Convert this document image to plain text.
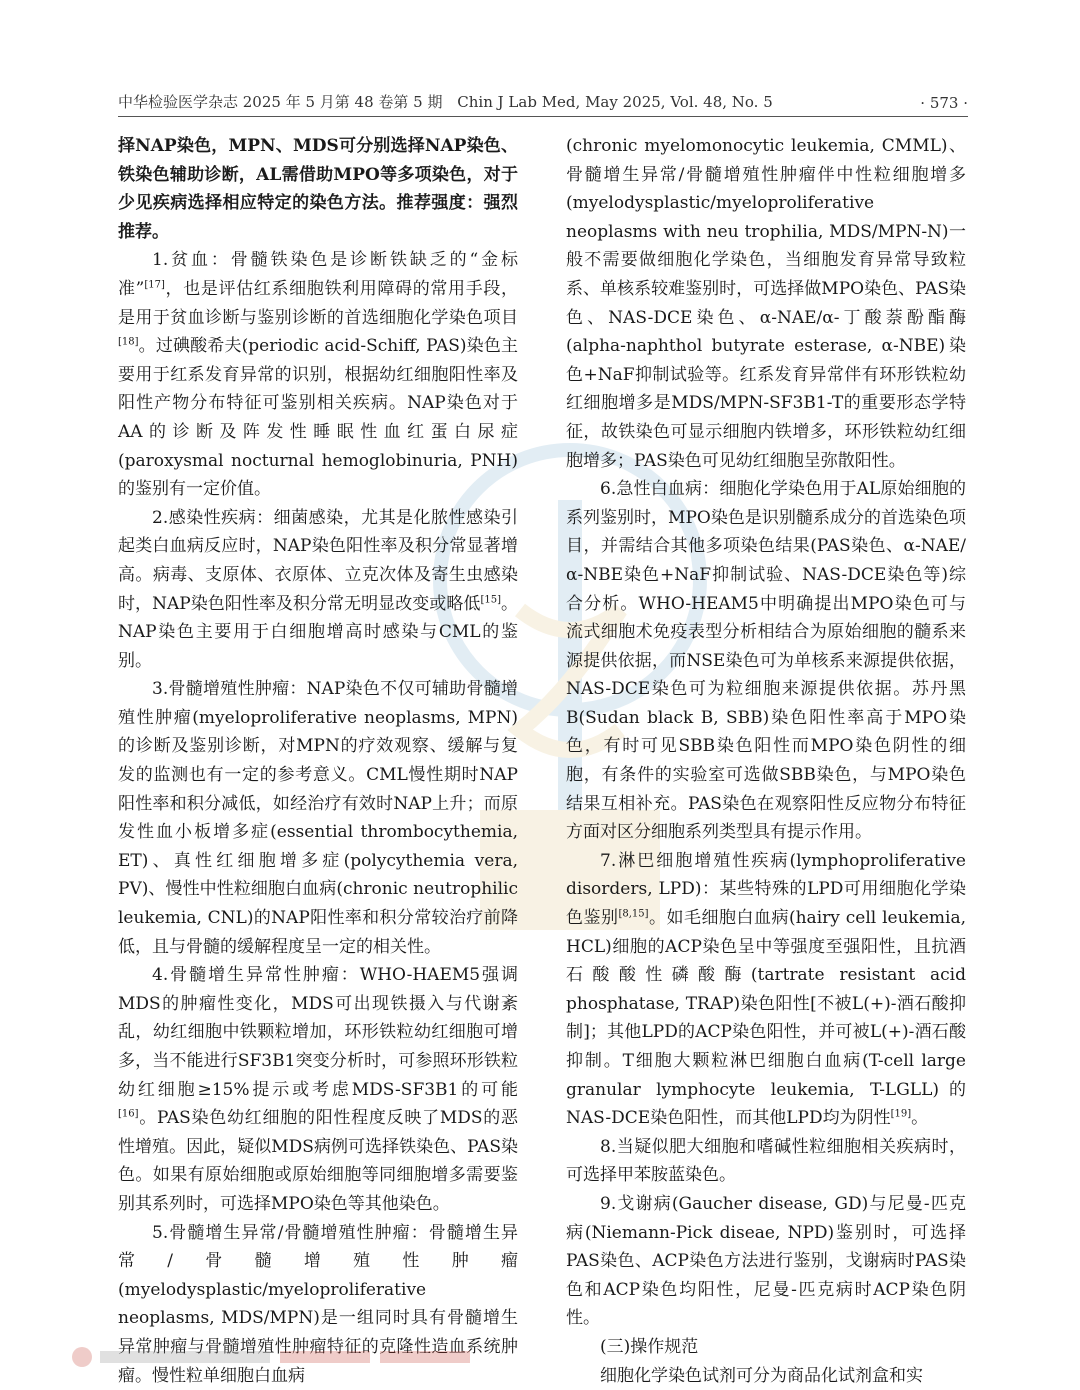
中华检验医学杂志 2025 年 5 月第 48 卷第 5 期 Chin J Lab Med, May 2025, Vol. 48, No. 5	· 573 ·

择NAP染色，MPN、MDS可分别选择NAP染色、铁染色辅助诊断，AL需借助MPO等多项染色，对于少见疾病选择相应特定的染色方法。推荐强度：强烈推荐。

1.贫血：骨髓铁染色是诊断铁缺乏的“金标准”[17]，也是评估红系细胞铁利用障碍的常用手段，是用于贫血诊断与鉴别诊断的首选细胞化学染色项目[18]。过碘酸希夫(periodic acid-Schiff, PAS)染色主要用于红系发育异常的识别，根据幼红细胞阳性率及阳性产物分布特征可鉴别相关疾病。NAP染色对于AA的诊断及阵发性睡眠性血红蛋白尿症(paroxysmal nocturnal hemoglobinuria, PNH)的鉴别有一定价值。

2.感染性疾病：细菌感染，尤其是化脓性感染引起类白血病反应时，NAP染色阳性率及积分常显著增高。病毒、支原体、衣原体、立克次体及寄生虫感染时，NAP染色阳性率及积分常无明显改变或略低[15]。NAP染色主要用于白细胞增高时感染与CML的鉴别。

3.骨髓增殖性肿瘤：NAP染色不仅可辅助骨髓增殖性肿瘤(myeloproliferative neoplasms, MPN)的诊断及鉴别诊断，对MPN的疗效观察、缓解与复发的监测也有一定的参考意义。CML慢性期时NAP阳性率和积分减低，如经治疗有效时NAP上升；而原发性血小板增多症(essential thrombocythemia, ET)、真性红细胞增多症(polycythemia vera, PV)、慢性中性粒细胞白血病(chronic neutrophilic leukemia, CNL)的NAP阳性率和积分常较治疗前降低，且与骨髓的缓解程度呈一定的相关性。

4.骨髓增生异常性肿瘤：WHO-HAEM5强调MDS的肿瘤性变化，MDS可出现铁摄入与代谢紊乱，幼红细胞中铁颗粒增加，环形铁粒幼红细胞可增多，当不能进行SF3B1突变分析时，可参照环形铁粒幼红细胞≥15%提示或考虑MDS-SF3B1的可能[16]。PAS染色幼红细胞的阳性程度反映了MDS的恶性增殖。因此，疑似MDS病例可选择铁染色、PAS染色。如果有原始细胞或原始细胞等同细胞增多需要鉴别其系列时，可选择MPO染色等其他染色。

5.骨髓增生异常/骨髓增殖性肿瘤：骨髓增生异常/骨髓增殖性肿瘤(myelodysplastic/myeloproliferative neoplasms, MDS/MPN)是一组同时具有骨髓增生异常肿瘤与骨髓增殖性肿瘤特征的克隆性造血系统肿瘤。慢性粒单细胞白血病

(chronic myelomonocytic leukemia, CMML)、骨髓增生异常/骨髓增殖性肿瘤伴中性粒细胞增多(myelodysplastic/myeloproliferative neoplasms with neu trophilia, MDS/MPN-N)一般不需要做细胞化学染色，当细胞发育异常导致粒系、单核系较难鉴别时，可选择做MPO染色、PAS染色、NAS-DCE染色、α-NAE/α-丁酸萘酚酯酶(alpha-naphthol butyrate esterase, α-NBE)染色+NaF抑制试验等。红系发育异常伴有环形铁粒幼红细胞增多是MDS/MPN-SF3B1-T的重要形态学特征，故铁染色可显示细胞内铁增多，环形铁粒幼红细胞增多；PAS染色可见幼红细胞呈弥散阳性。

6.急性白血病：细胞化学染色用于AL原始细胞的系列鉴别时，MPO染色是识别髓系成分的首选染色项目，并需结合其他多项染色结果(PAS染色、α-NAE/α-NBE染色+NaF抑制试验、NAS-DCE染色等)综合分析。WHO-HEAM5中明确提出MPO染色可与流式细胞术免疫表型分析相结合为原始细胞的髓系来源提供依据，而NSE染色可为单核系来源提供依据，NAS-DCE染色可为粒细胞来源提供依据。苏丹黑B(Sudan black B, SBB)染色阳性率高于MPO染色，有时可见SBB染色阳性而MPO染色阴性的细胞，有条件的实验室可选做SBB染色，与MPO染色结果互相补充。PAS染色在观察阳性反应物分布特征方面对区分细胞系列类型具有提示作用。

7.淋巴细胞增殖性疾病(lymphoproliferative disorders, LPD)：某些特殊的LPD可用细胞化学染色鉴别[8,15]。如毛细胞白血病(hairy cell leukemia, HCL)细胞的ACP染色呈中等强度至强阳性，且抗酒石酸酸性磷酸酶(tartrate resistant acid phosphatase, TRAP)染色阳性[不被L(+)-酒石酸抑制]；其他LPD的ACP染色阳性，并可被L(+)-酒石酸抑制。T细胞大颗粒淋巴细胞白血病(T-cell large granular lymphocyte leukemia, T-LGLL)的NAS-DCE染色阳性，而其他LPD均为阴性[19]。

8.当疑似肥大细胞和嗜碱性粒细胞相关疾病时，可选择甲苯胺蓝染色。

9.戈谢病(Gaucher disease, GD)与尼曼-匹克病(Niemann-Pick diseae, NPD)鉴别时，可选择PAS染色、ACP染色方法进行鉴别，戈谢病时PAS染色和ACP染色均阳性，尼曼-匹克病时ACP染色阴性。

(三)操作规范

细胞化学染色试剂可分为商品化试剂盒和实
